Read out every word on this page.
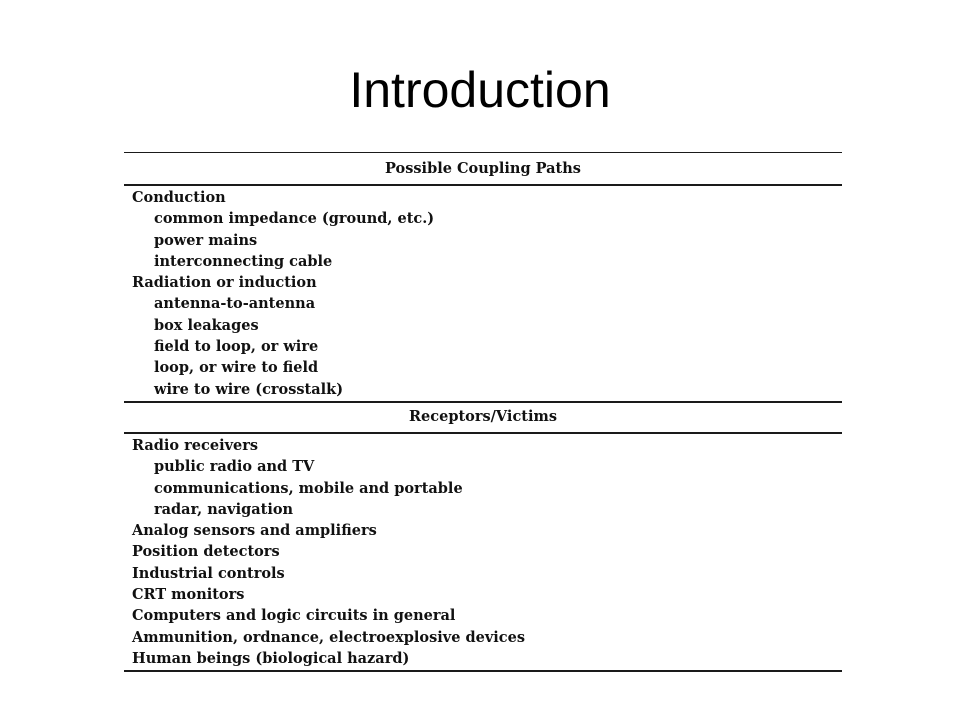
Introduction
Possible Coupling Paths
Conduction
common impedance (ground, etc.)
power mains
interconnecting cable
Radiation or induction
antenna-to-antenna
box leakages
field to loop, or wire
loop, or wire to field
wire to wire (crosstalk)
Receptors/Victims
Radio receivers
public radio and TV
communications, mobile and portable
radar, navigation
Analog sensors and amplifiers
Position detectors
Industrial controls
CRT monitors
Computers and logic circuits in general
Ammunition, ordnance, electroexplosive devices
Human beings (biological hazard)
